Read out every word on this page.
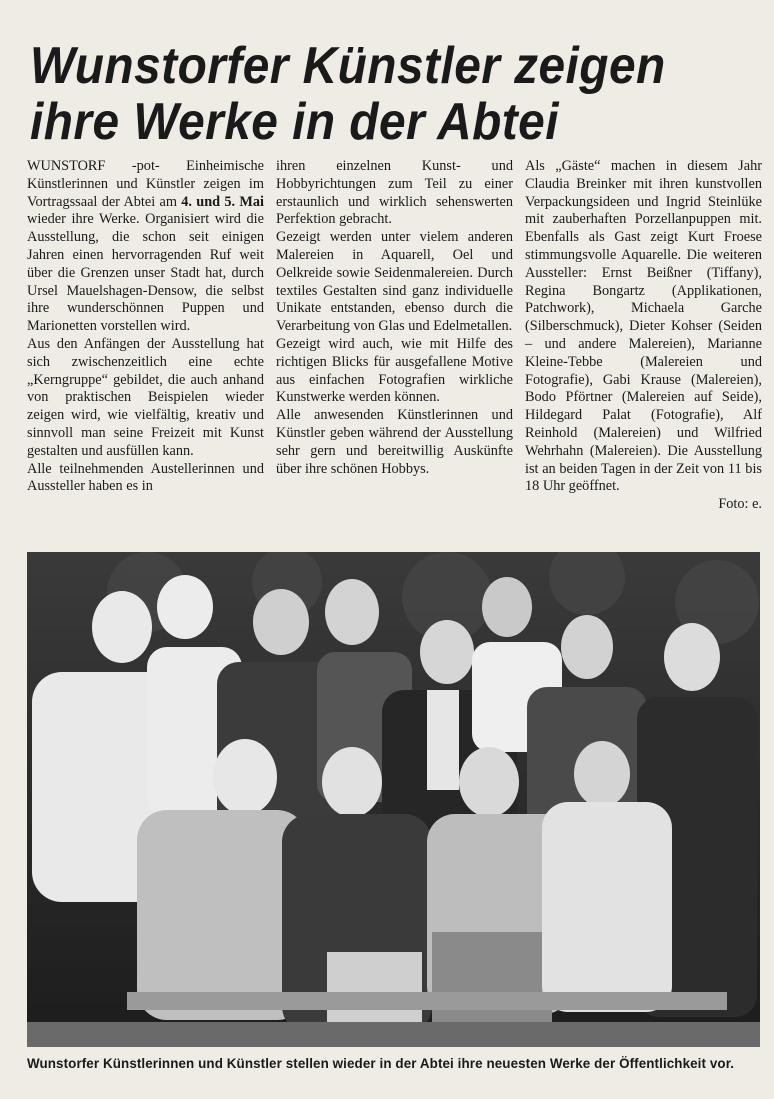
Wunstorfer Künstler zeigen ihre Werke in der Abtei

WUNSTORF -pot- Einheimische Künstlerinnen und Künstler zeigen im Vortragssaal der Abtei am 4. und 5. Mai wieder ihre Werke. Organisiert wird die Ausstellung, die schon seit einigen Jahren einen hervorragenden Ruf weit über die Grenzen unser Stadt hat, durch Ursel Mauelshagen-Densow, die selbst ihre wunderschönnen Puppen und Marionetten vorstellen wird.

Aus den Anfängen der Ausstellung hat sich zwischenzeitlich eine echte „Kerngruppe“ gebildet, die auch anhand von praktischen Beispielen wieder zeigen wird, wie vielfältig, kreativ und sinnvoll man seine Freizeit mit Kunst gestalten und ausfüllen kann.

Alle teilnehmenden Austellerinnen und Aussteller haben es in

ihren einzelnen Kunst- und Hobbyrichtungen zum Teil zu einer erstaunlich und wirklich sehenswerten Perfektion gebracht.

Gezeigt werden unter vielem anderen Malereien in Aquarell, Oel und Oelkreide sowie Seidenmalereien. Durch textiles Gestalten sind ganz individuelle Unikate entstanden, ebenso durch die Verarbeitung von Glas und Edelmetallen.

Gezeigt wird auch, wie mit Hilfe des richtigen Blicks für ausgefallene Motive aus einfachen Fotografien wirkliche Kunstwerke werden können.

Alle anwesenden Künstlerinnen und Künstler geben während der Ausstellung sehr gern und bereitwillig Auskünfte über ihre schönen Hobbys.

Als „Gäste“ machen in diesem Jahr Claudia Breinker mit ihren kunstvollen Verpackungsideen und Ingrid Steinlüke mit zauberhaften Porzellanpuppen mit. Ebenfalls als Gast zeigt Kurt Froese stimmungsvolle Aquarelle. Die weiteren Aussteller: Ernst Beißner (Tiffany), Regina Bongartz (Applikationen, Patchwork), Michaela Garche (Silberschmuck), Dieter Kohser (Seiden – und andere Malereien), Marianne Kleine-Tebbe (Malereien und Fotografie), Gabi Krause (Malereien), Bodo Pförtner (Malereien auf Seide), Hildegard Palat (Fotografie), Alf Reinhold (Malereien) und Wilfried Wehrhahn (Malereien). Die Ausstellung ist an beiden Tagen in der Zeit von 11 bis 18 Uhr geöffnet.

Foto: e.

Wunstorfer Künstlerinnen und Künstler stellen wieder in der Abtei ihre neuesten Werke der Öffentlichkeit vor.
